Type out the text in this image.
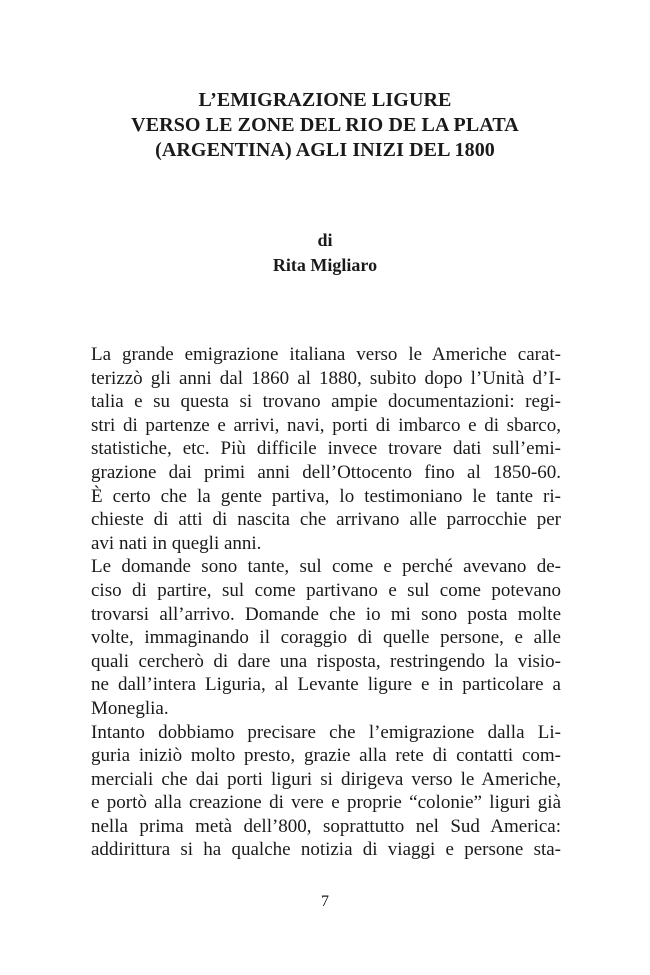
L’EMIGRAZIONE LIGURE
VERSO LE ZONE DEL RIO DE LA PLATA
(ARGENTINA) AGLI INIZI DEL 1800
di
Rita Migliaro
La grande emigrazione italiana verso le Americhe carat-
terizzò gli anni dal 1860 al 1880, subito dopo l’Unità d’I-
talia e su questa si trovano ampie documentazioni: regi-
stri di partenze e arrivi, navi, porti di imbarco e di sbarco,
statistiche, etc. Più difficile invece trovare dati sull’emi-
grazione dai primi anni dell’Ottocento fino al 1850-60.
È certo che la gente partiva, lo testimoniano le tante ri-
chieste di atti di nascita che arrivano alle parrocchie per
avi nati in quegli anni.
Le domande sono tante, sul come e perché avevano de-
ciso di partire, sul come partivano e sul come potevano
trovarsi all’arrivo. Domande che io mi sono posta molte
volte, immaginando il coraggio di quelle persone, e alle
quali cercherò di dare una risposta, restringendo la visio-
ne dall’intera Liguria, al Levante ligure e in particolare a
Moneglia.
Intanto dobbiamo precisare che l’emigrazione dalla Li-
guria iniziò molto presto, grazie alla rete di contatti com-
merciali che dai porti liguri si dirigeva verso le Americhe,
e portò alla creazione di vere e proprie “colonie” liguri già
nella prima metà dell’800, soprattutto nel Sud America:
addirittura si ha qualche notizia di viaggi e persone sta-
7
